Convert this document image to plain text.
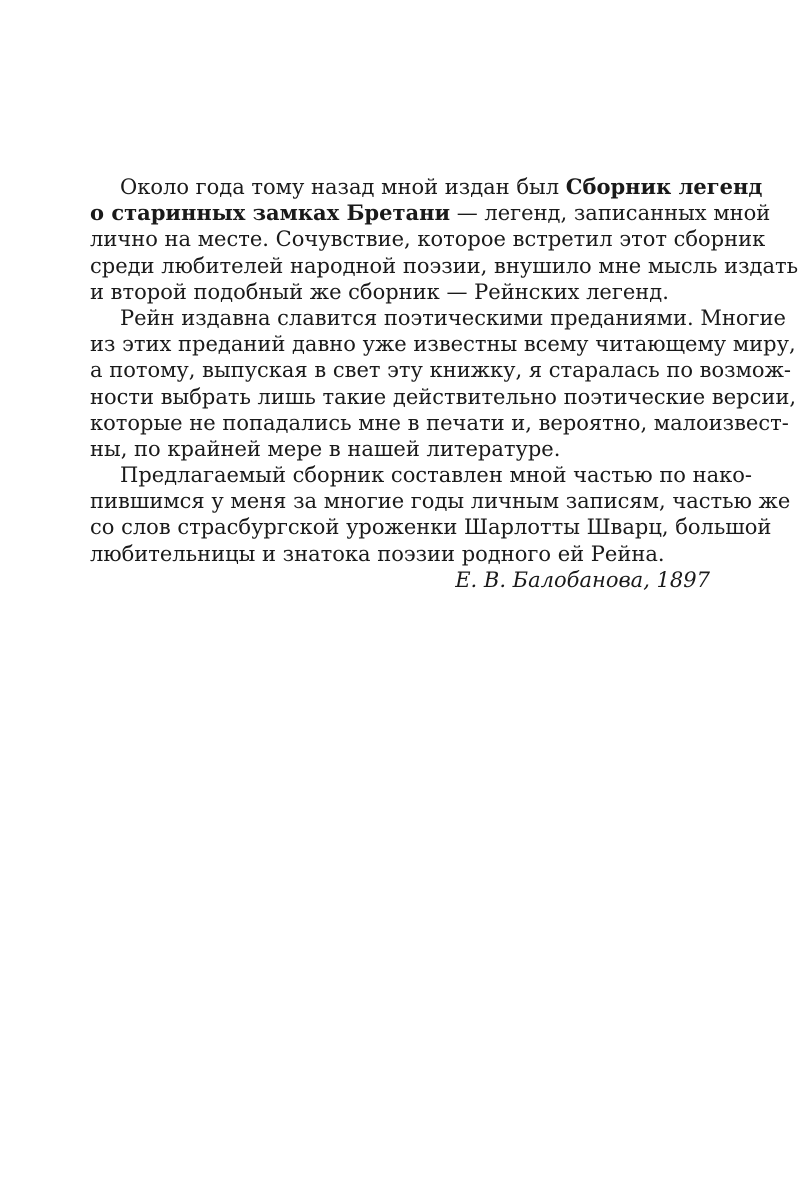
Около года тому назад мной издан был Сборник легенд
о старинных замках Бретани — легенд, записанных мной
лично на месте. Сочувствие, которое встретил этот сборник
среди любителей народной поэзии, внушило мне мысль издать
и второй подобный же сборник — Рейнских легенд.
Рейн издавна славится поэтическими преданиями. Многие
из этих преданий давно уже известны всему читающему миру,
а потому, выпуская в свет эту книжку, я старалась по возмож-
ности выбрать лишь такие действительно поэтические версии,
которые не попадались мне в печати и, вероятно, малоизвест-
ны, по крайней мере в нашей литературе.
Предлагаемый сборник составлен мной частью по нако-
пившимся у меня за многие годы личным записям, частью же
со слов страсбургской уроженки Шарлотты Шварц, большой
любительницы и знатока поэзии родного ей Рейна.
Е. В. Балобанова, 1897
